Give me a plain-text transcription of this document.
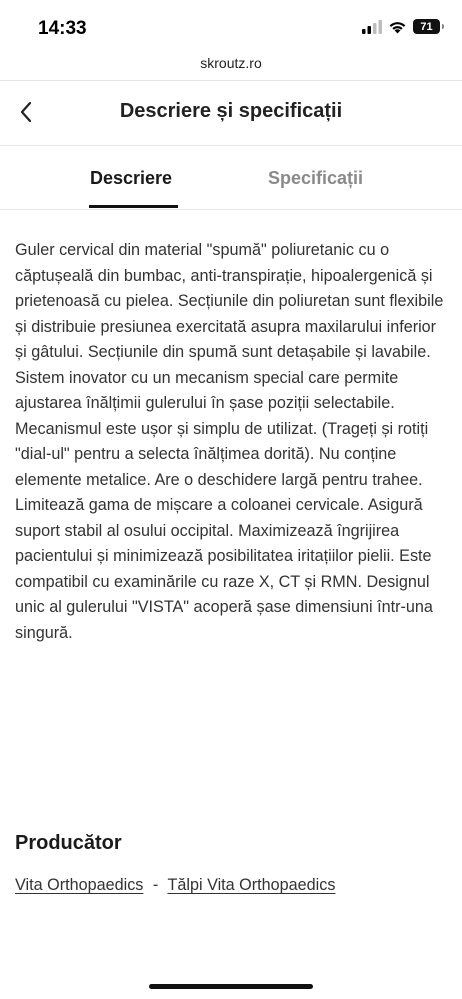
14:33	71
skroutz.ro
Descriere și specificații
Descriere	Specificații

Guler cervical din material "spumă" poliuretanic cu o căptușeală din bumbac, anti-transpirație, hipoalergenică și prietenoasă cu pielea. Secțiunile din poliuretan sunt flexibile și distribuie presiunea exercitată asupra maxilarului inferior și gâtului. Secțiunile din spumă sunt detașabile și lavabile. Sistem inovator cu un mecanism special care permite ajustarea înălțimii gulerului în șase poziții selectabile. Mecanismul este ușor și simplu de utilizat. (Trageți și rotiți "dial-ul" pentru a selecta înălțimea dorită). Nu conține elemente metalice. Are o deschidere largă pentru trahee. Limitează gama de mișcare a coloanei cervicale. Asigură suport stabil al osului occipital. Maximizează îngrijirea pacientului și minimizează posibilitatea iritațiilor pielii. Este compatibil cu examinările cu raze X, CT și RMN. Designul unic al gulerului "VISTA" acoperă șase dimensiuni într-una singură.

Producător
Vita Orthopaedics - Tălpi Vita Orthopaedics
